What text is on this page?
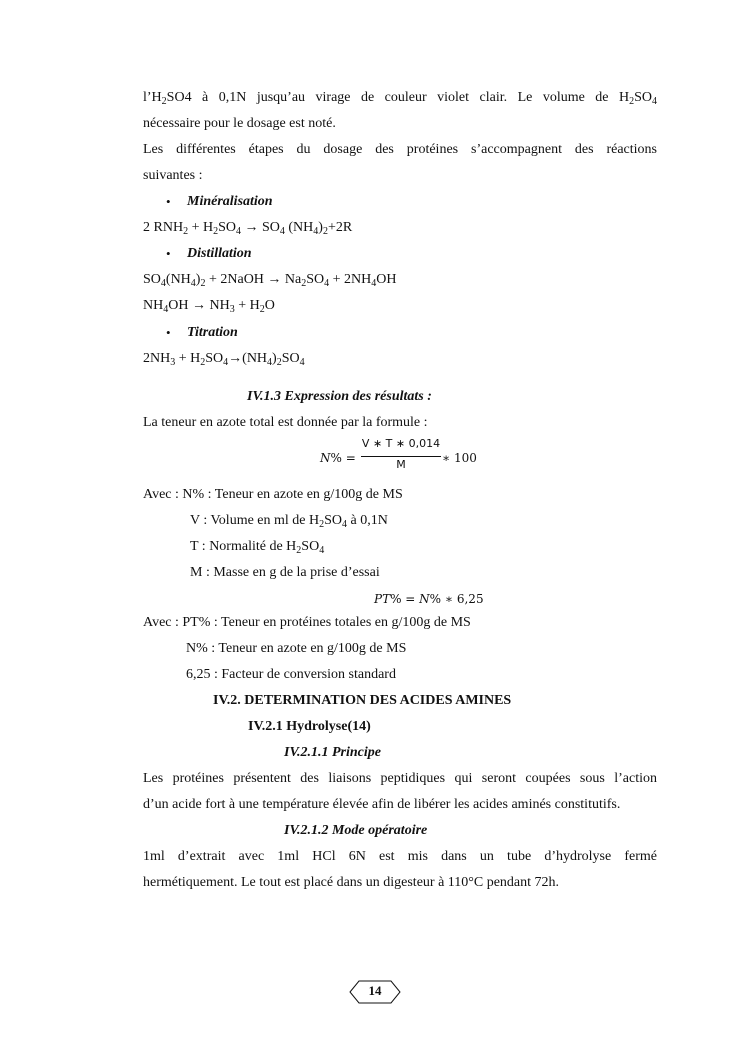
$l’H_2SO4$ à 0,1N jusqu’au virage de couleur violet clair. Le volume de $H_2SO_4$
nécessaire pour le dosage est noté.
Les différentes étapes du dosage des protéines s’accompagnent des réactions
suivantes :
• Minéralisation
2 $RNH_2 + H_2SO_4 \to SO_4$ $(NH_4)_2+2R$
• Distillation
$SO_4(NH_4)_2$ + 2NaOH → $Na_2SO_4 + 2NH_4OH$
$NH_4OH \to NH_3 + H_2O$
• Titration
$2NH_3 + H_2SO_4\to(NH_4)_2SO_4$
IV.1.3 Expression des résultats :
La teneur en azote total est donnée par la formule :
N% =
V ∗ T ∗ 0,014
M	∗ 100
Avec : N% : Teneur en azote en g/100g de MS
V : Volume en ml de $H_2SO_4$ à 0,1N
T : Normalité de $H_2SO_4$
M : Masse en g de la prise d’essai
PT% = N% ∗ 6,25
Avec : PT% : Teneur en protéines totales en g/100g de MS
N% : Teneur en azote en g/100g de MS
6,25 : Facteur de conversion standard
IV.2. DETERMINATION DES ACIDES AMINES
IV.2.1 Hydrolyse(14)
IV.2.1.1 Principe
Les protéines présentent des liaisons peptidiques qui seront coupées sous l’action
d’un acide fort à une température élevée afin de libérer les acides aminés constitutifs.
IV.2.1.2 Mode opératoire
1ml d’extrait avec 1ml HCl 6N est mis dans un tube d’hydrolyse fermé
hermétiquement. Le tout est placé dans un digesteur à 110°C pendant 72h.
14
